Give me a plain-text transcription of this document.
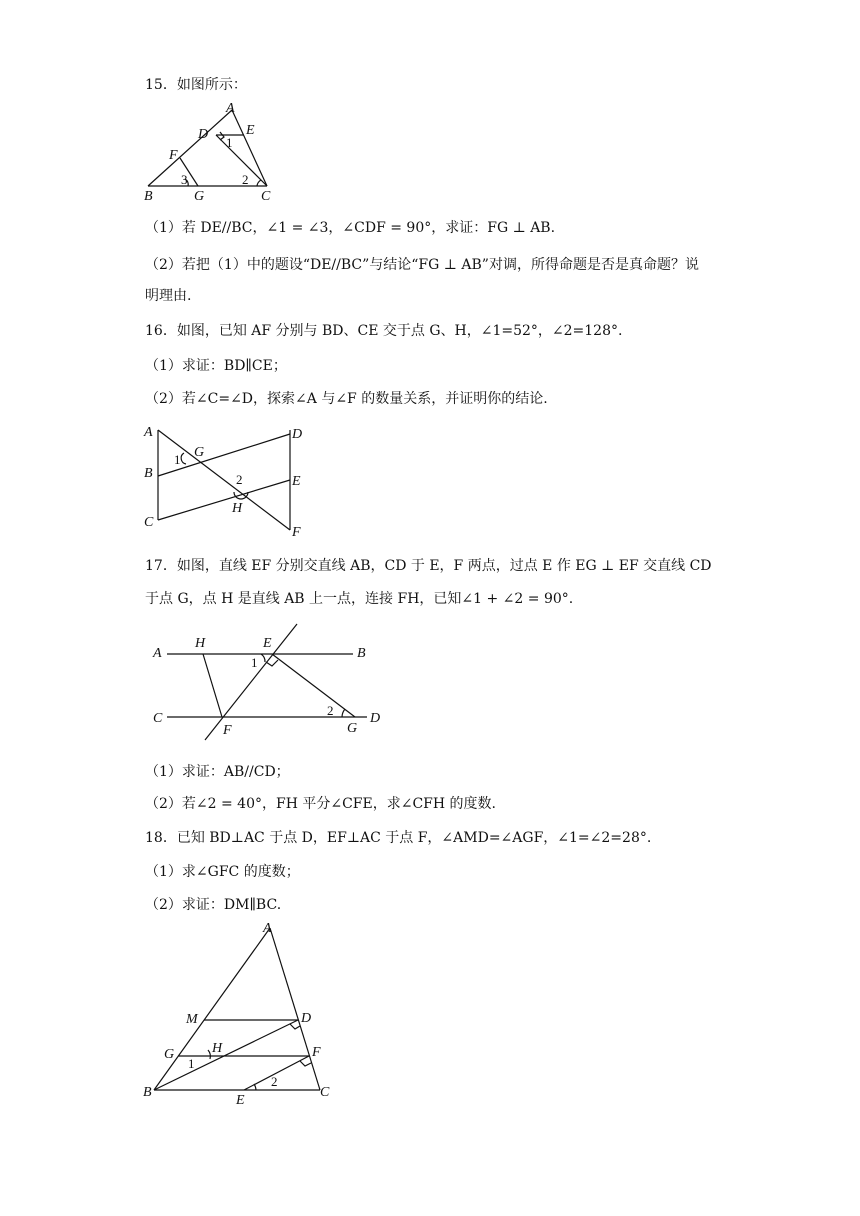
15．如图所示：
A
D	E
F
B	G	C
1
2
3
（1）若 DE//BC，∠1 = ∠3，∠CDF = 90°，求证：FG ⊥ AB.
（2）若把（1）中的题设“DE//BC”与结论“FG ⊥ AB”对调，所得命题是否是真命题？说
明理由.
16．如图，已知 AF 分别与 BD、CE 交于点 G、H，∠1=52°，∠2=128°.
（1）求证：BD∥CE；
（2）若∠C=∠D，探索∠A 与∠F 的数量关系，并证明你的结论.
A
B
C
D
E
F
G
H
1
2
17．如图，直线 EF 分别交直线 AB，CD 于 E，F 两点，过点 E 作 EG ⊥ EF 交直线 CD
于点 G，点 H 是直线 AB 上一点，连接 FH，已知∠1 + ∠2 = 90°.
A
H	E
B
C
F	G
D
1
2
（1）求证：AB//CD；
（2）若∠2 = 40°，FH 平分∠CFE，求∠CFH 的度数.
18．已知 BD⊥AC 于点 D，EF⊥AC 于点 F，∠AMD=∠AGF，∠1=∠2=28°.
（1）求∠GFC 的度数；
（2）求证：DM∥BC.
A
M	D
G	H	F
B
E
C
1
2
